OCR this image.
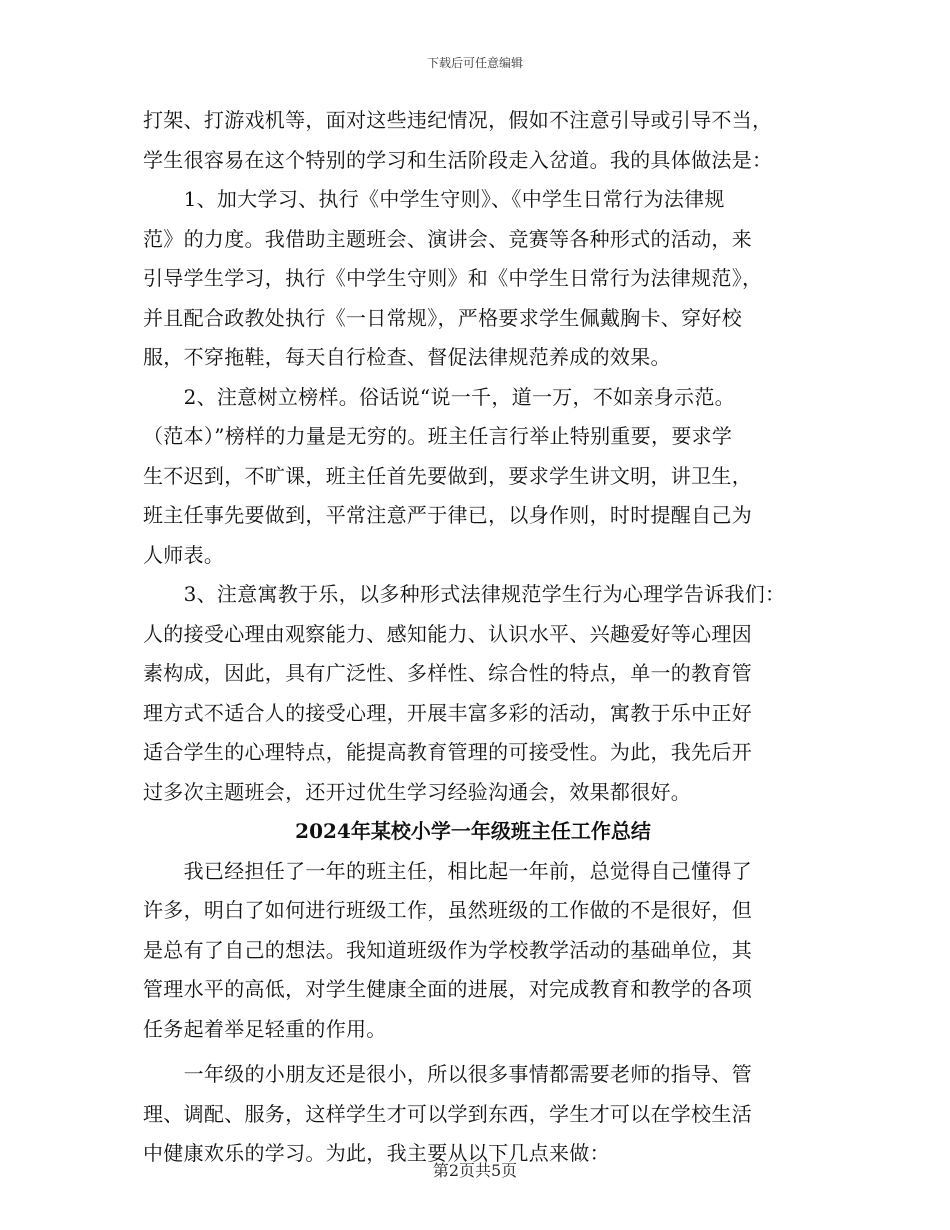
下载后可任意编辑
打架、打游戏机等，面对这些违纪情况，假如不注意引导或引导不当，
学生很容易在这个特别的学习和生活阶段走入岔道。我的具体做法是：
　　1、加大学习、执行《中学生守则》、《中学生日常行为法律规
范》的力度。我借助主题班会、演讲会、竞赛等各种形式的活动，来
引导学生学习，执行《中学生守则》和《中学生日常行为法律规范》，
并且配合政教处执行《一日常规》，严格要求学生佩戴胸卡、穿好校
服，不穿拖鞋，每天自行检查、督促法律规范养成的效果。
　　2、注意树立榜样。俗话说“说一千，道一万，不如亲身示范。
（范本）”榜样的力量是无穷的。班主任言行举止特别重要，要求学
生不迟到，不旷课，班主任首先要做到，要求学生讲文明，讲卫生，
班主任事先要做到，平常注意严于律已，以身作则，时时提醒自己为
人师表。
　　3、注意寓教于乐，以多种形式法律规范学生行为心理学告诉我们：
人的接受心理由观察能力、感知能力、认识水平、兴趣爱好等心理因
素构成，因此，具有广泛性、多样性、综合性的特点，单一的教育管
理方式不适合人的接受心理，开展丰富多彩的活动，寓教于乐中正好
适合学生的心理特点，能提高教育管理的可接受性。为此，我先后开
过多次主题班会，还开过优生学习经验沟通会，效果都很好。
2024年某校小学一年级班主任工作总结
　　我已经担任了一年的班主任，相比起一年前，总觉得自己懂得了
许多，明白了如何进行班级工作，虽然班级的工作做的不是很好，但
是总有了自己的想法。我知道班级作为学校教学活动的基础单位，其
管理水平的高低，对学生健康全面的进展，对完成教育和教学的各项
任务起着举足轻重的作用。
　　一年级的小朋友还是很小，所以很多事情都需要老师的指导、管
理、调配、服务，这样学生才可以学到东西，学生才可以在学校生活
中健康欢乐的学习。为此，我主要从以下几点来做：
第2页共5页
